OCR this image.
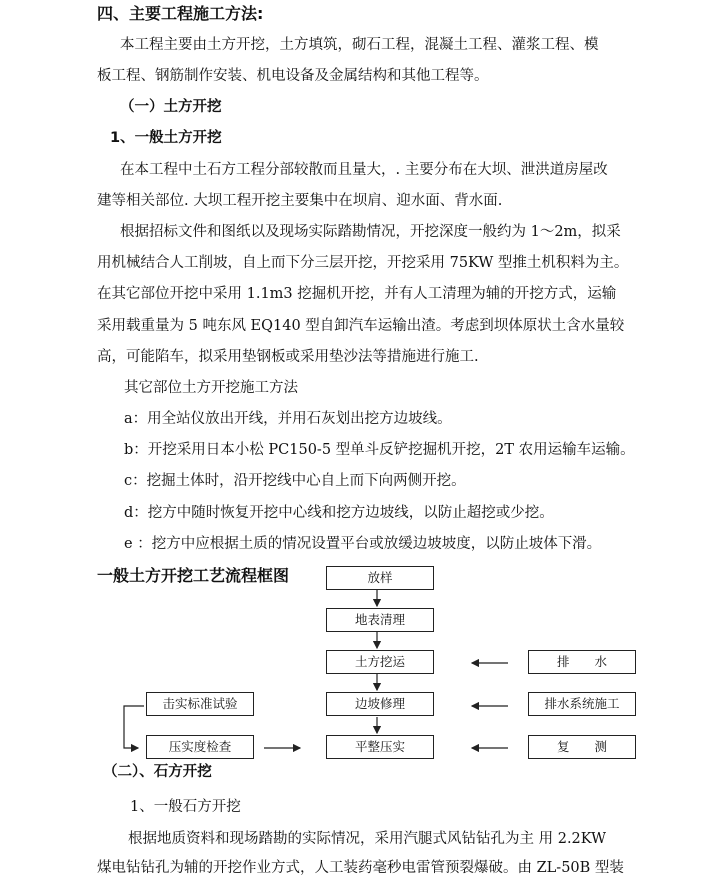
四、主要工程施工方法:
本工程主要由土方开挖，土方填筑，砌石工程，混凝土工程、灌浆工程、模
板工程、钢筋制作安装、机电设备及金属结构和其他工程等。
（一）土方开挖
1、一般土方开挖
在本工程中土石方工程分部较散而且量大，. 主要分布在大坝、泄洪道房屋改
建等相关部位. 大坝工程开挖主要集中在坝肩、迎水面、背水面.
根据招标文件和图纸以及现场实际踏勘情况，开挖深度一般约为 1～2m，拟采
用机械结合人工削坡，自上而下分三层开挖，开挖采用 75KW 型推土机积料为主。
在其它部位开挖中采用 1.1m3 挖掘机开挖，并有人工清理为辅的开挖方式，运输
采用载重量为 5 吨东风 EQ140 型自卸汽车运输出渣。考虑到坝体原状土含水量较
高，可能陷车，拟采用垫钢板或采用垫沙法等措施进行施工.
其它部位土方开挖施工方法
a：用全站仪放出开线，并用石灰划出挖方边坡线。
b：开挖采用日本小松 PC150-5 型单斗反铲挖掘机开挖，2T 农用运输车运输。
c：挖掘土体时，沿开挖线中心自上而下向两侧开挖。
d：挖方中随时恢复开挖中心线和挖方边坡线，以防止超挖或少挖。
e ：挖方中应根据土质的情况设置平台或放缓边坡坡度，以防止坡体下滑。
一般土方开挖工艺流程框图	放样
地表清理
土方挖运
边坡修理
平整压实
击实标准试验
压实度检查
排　　水
排水系统施工
复　　测
（二）、石方开挖
1、一般石方开挖
根据地质资料和现场踏勘的实际情况，采用汽腿式风钻钻孔为主 用 2.2KW
煤电钻钻孔为辅的开挖作业方式，人工装药毫秒电雷管预裂爆破。由 ZL-50B 型装
